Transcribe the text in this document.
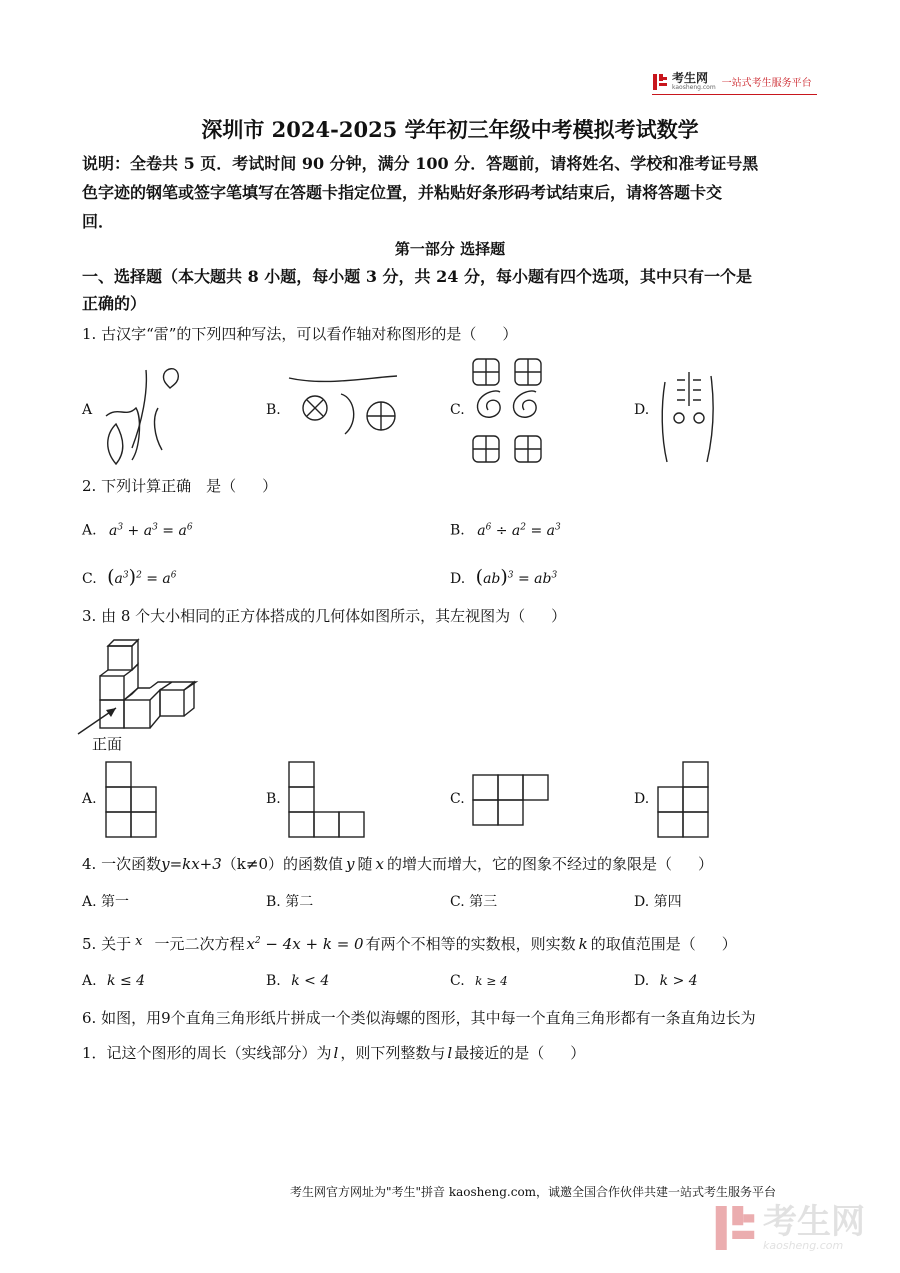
考生网
kaosheng.com 一站式考生服务平台
深圳市 2024-2025 学年初三年级中考模拟考试数学
说明：全卷共 5 页．考试时间 90 分钟，满分 100 分．答题前，请将姓名、学校和准考证号黑
色字迹的钢笔或签字笔填写在答题卡指定位置，并粘贴好条形码考试结束后，请将答题卡交
回．
第一部分 选择题
一、选择题（本大题共 8 小题，每小题 3 分，共 24 分，每小题有四个选项，其中只有一个是
正确的）
1. 古汉字“雷”的下列四种写法，可以看作轴对称图形的是（ ）
A	B.	C.	D.
2. 下列计算正确　是（ ）
A. $a^3 + a^3 = a^6$	B. $a^6 \div a^2 = a^3$
C. $(a^3)^2 = a^6$	D. $(ab)^3 = ab^3$
3. 由 8 个大小相同的正方体搭成的几何体如图所示，其左视图为（ ）
正面
A.	B.	C.	D.
4. 一次函数y=kx+3（k≠0）的函数值 y 随 x 的增大而增大，它的图象不经过的象限是（ ）
A. 第一	B. 第二	C. 第三	D. 第四
5. 关于 x 一元二次方程 $x^2 - 4x + k = 0$ 有两个不相等的实数根，则实数 k 的取值范围是（ ）
A. k ≤ 4	B. k < 4	C. k ≥ 4	D. k > 4
6. 如图，用9个直角三角形纸片拼成一个类似海螺的图形，其中每一个直角三角形都有一条直角边长为
1．记这个图形的周长（实线部分）为 l ，则下列整数与 l 最接近的是（ ）
考生网官方网址为"考生"拼音 kaosheng.com，诚邀全国合作伙伴共建一站式考生服务平台
考生网
kaosheng.com
